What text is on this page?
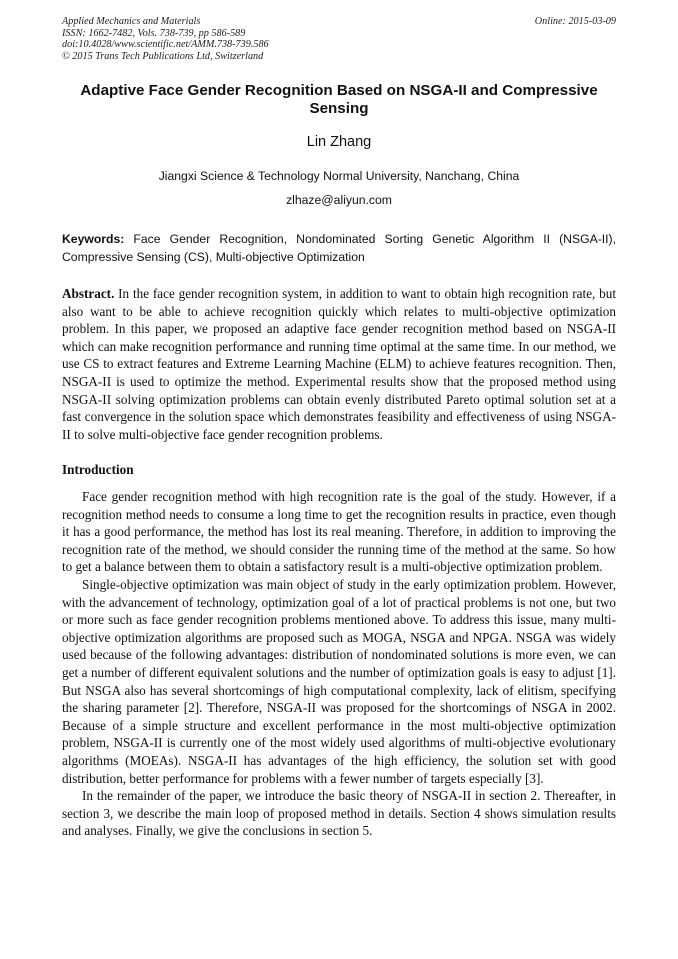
Applied Mechanics and Materials
ISSN: 1662-7482, Vols. 738-739, pp 586-589
doi:10.4028/www.scientific.net/AMM.738-739.586
© 2015 Trans Tech Publications Ltd, Switzerland
Online: 2015-03-09
Adaptive Face Gender Recognition Based on NSGA-II and Compressive Sensing
Lin Zhang
Jiangxi Science & Technology Normal University, Nanchang, China
zlhaze@aliyun.com
Keywords: Face Gender Recognition, Nondominated Sorting Genetic Algorithm II (NSGA-II), Compressive Sensing (CS), Multi-objective Optimization
Abstract. In the face gender recognition system, in addition to want to obtain high recognition rate, but also want to be able to achieve recognition quickly which relates to multi-objective optimization problem. In this paper, we proposed an adaptive face gender recognition method based on NSGA-II which can make recognition performance and running time optimal at the same time. In our method, we use CS to extract features and Extreme Learning Machine (ELM) to achieve features recognition. Then, NSGA-II is used to optimize the method. Experimental results show that the proposed method using NSGA-II solving optimization problems can obtain evenly distributed Pareto optimal solution set at a fast convergence in the solution space which demonstrates feasibility and effectiveness of using NSGA-II to solve multi-objective face gender recognition problems.
Introduction

Face gender recognition method with high recognition rate is the goal of the study. However, if a recognition method needs to consume a long time to get the recognition results in practice, even though it has a good performance, the method has lost its real meaning. Therefore, in addition to improving the recognition rate of the method, we should consider the running time of the method at the same. So how to get a balance between them to obtain a satisfactory result is a multi-objective optimization problem.

Single-objective optimization was main object of study in the early optimization problem. However, with the advancement of technology, optimization goal of a lot of practical problems is not one, but two or more such as face gender recognition problems mentioned above. To address this issue, many multi-objective optimization algorithms are proposed such as MOGA, NSGA and NPGA. NSGA was widely used because of the following advantages: distribution of nondominated solutions is more even, we can get a number of different equivalent solutions and the number of optimization goals is easy to adjust [1]. But NSGA also has several shortcomings of high computational complexity, lack of elitism, specifying the sharing parameter [2]. Therefore, NSGA-II was proposed for the shortcomings of NSGA in 2002. Because of a simple structure and excellent performance in the most multi-objective optimization problem, NSGA-II is currently one of the most widely used algorithms of multi-objective evolutionary algorithms (MOEAs). NSGA-II has advantages of the high efficiency, the solution set with good distribution, better performance for problems with a fewer number of targets especially [3].

In the remainder of the paper, we introduce the basic theory of NSGA-II in section 2. Thereafter, in section 3, we describe the main loop of proposed method in details. Section 4 shows simulation results and analyses. Finally, we give the conclusions in section 5.
